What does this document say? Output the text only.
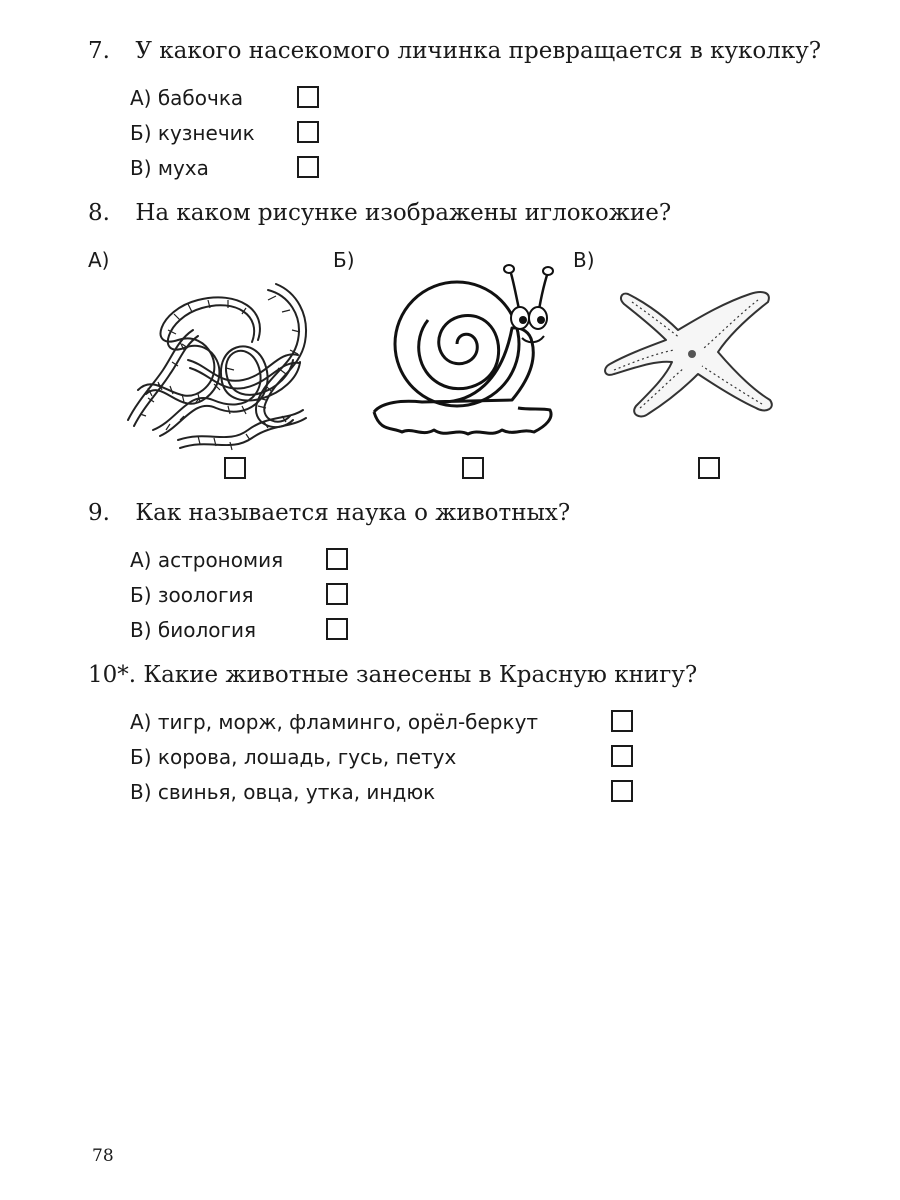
7. У какого насекомого личинка превращается в куколку?
А) бабочка
Б) кузнечик
В) муха
8. На каком рисунке изображены иглокожие?
А)	Б)	В)
9. Как называется наука о животных?
А) астрономия
Б) зоология
В) биология
10*. Какие животные занесены в Красную книгу?
А) тигр, морж, фламинго, орёл-беркут
Б) корова, лошадь, гусь, петух
В) свинья, овца, утка, индюк
78
